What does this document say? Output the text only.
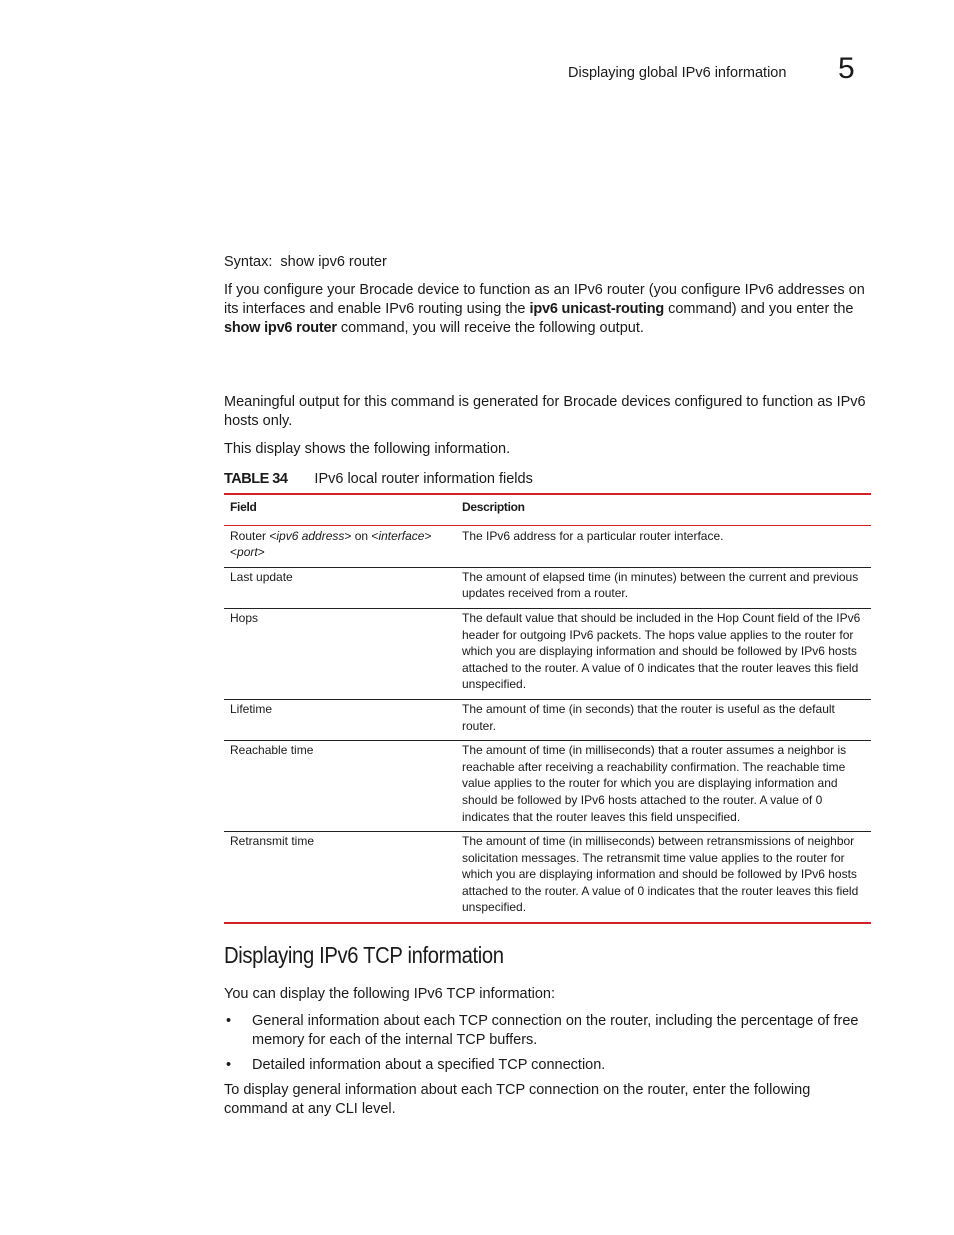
Displaying global IPv6 information 5
Syntax: show ipv6 router
If you configure your Brocade device to function as an IPv6 router (you configure IPv6 addresses on its interfaces and enable IPv6 routing using the ipv6 unicast-routing command) and you enter the show ipv6 router command, you will receive the following output.
Meaningful output for this command is generated for Brocade devices configured to function as IPv6 hosts only.
This display shows the following information.
TABLE 34 IPv6 local router information fields
Field	Description
Router <ipv6 address> on <interface> <port>	The IPv6 address for a particular router interface.
Last update	The amount of elapsed time (in minutes) between the current and previous updates received from a router.
Hops	The default value that should be included in the Hop Count field of the IPv6 header for outgoing IPv6 packets. The hops value applies to the router for which you are displaying information and should be followed by IPv6 hosts attached to the router. A value of 0 indicates that the router leaves this field unspecified.
Lifetime	The amount of time (in seconds) that the router is useful as the default router.
Reachable time	The amount of time (in milliseconds) that a router assumes a neighbor is reachable after receiving a reachability confirmation. The reachable time value applies to the router for which you are displaying information and should be followed by IPv6 hosts attached to the router. A value of 0 indicates that the router leaves this field unspecified.
Retransmit time	The amount of time (in milliseconds) between retransmissions of neighbor solicitation messages. The retransmit time value applies to the router for which you are displaying information and should be followed by IPv6 hosts attached to the router. A value of 0 indicates that the router leaves this field unspecified.
Displaying IPv6 TCP information
You can display the following IPv6 TCP information:
• General information about each TCP connection on the router, including the percentage of free memory for each of the internal TCP buffers.
• Detailed information about a specified TCP connection.
To display general information about each TCP connection on the router, enter the following command at any CLI level.
